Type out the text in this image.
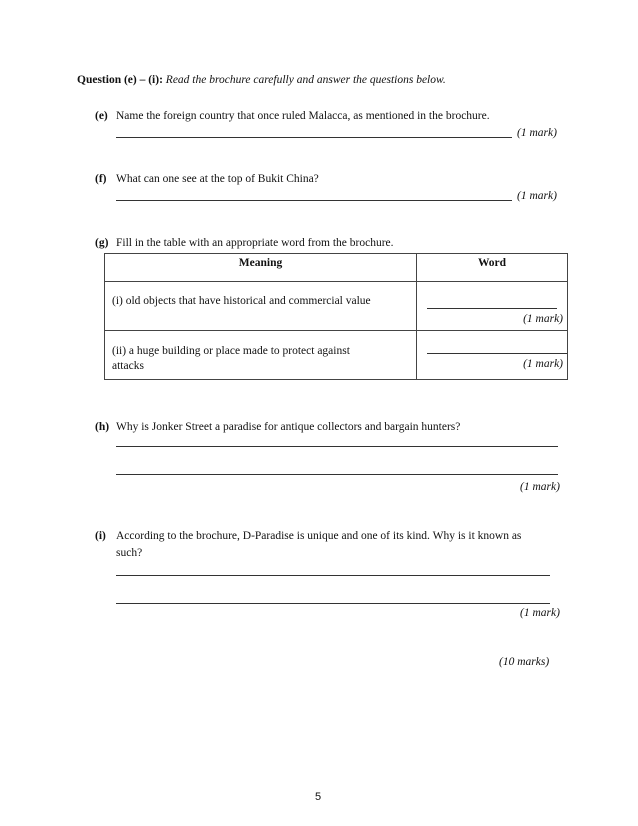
Question (e) – (i): Read the brochure carefully and answer the questions below.
(e) Name the foreign country that once ruled Malacca, as mentioned in the brochure.
(1 mark)
(f) What can one see at the top of Bukit China?
(1 mark)
(g) Fill in the table with an appropriate word from the brochure.
Meaning	Word

(i) old objects that have historical and commercial value	(1 mark)

(ii) a huge building or place made to protect against
attacks	(1 mark)
(h) Why is Jonker Street a paradise for antique collectors and bargain hunters?
(1 mark)
(i) According to the brochure, D-Paradise is unique and one of its kind. Why is it known as
such?
(1 mark)
(10 marks)
5
